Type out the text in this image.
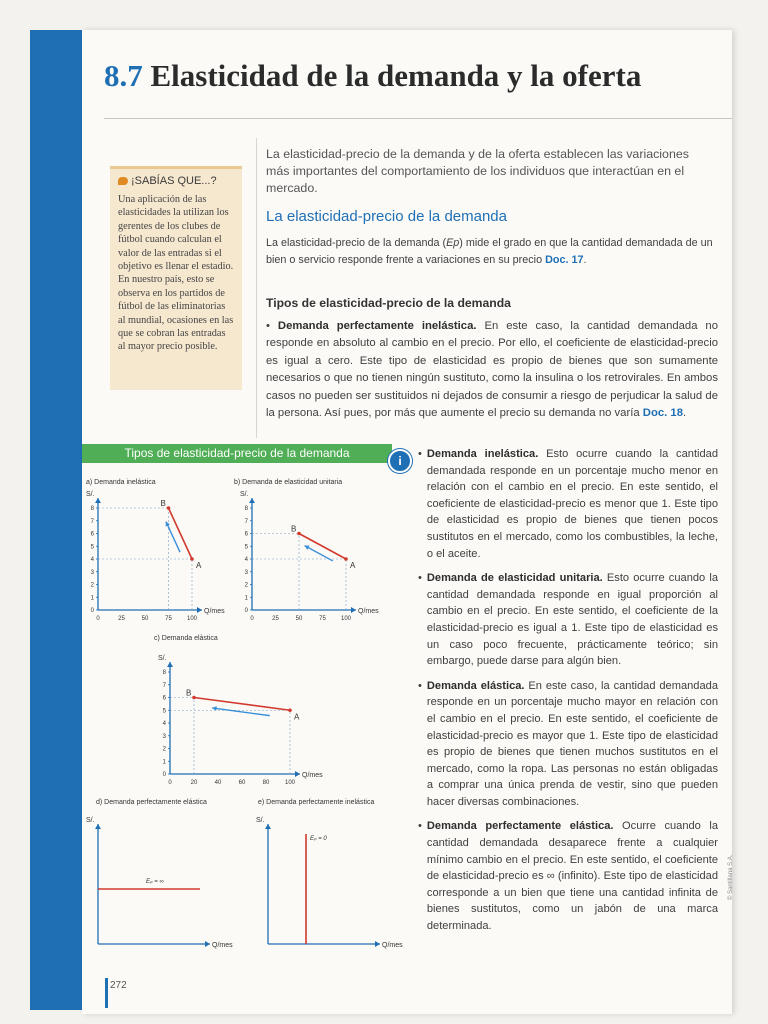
8.7 Elasticidad de la demanda y la oferta
¡SABÍAS QUE...?
Una aplicación de las elasticidades la utilizan los gerentes de los clubes de fútbol cuando calculan el valor de las entradas si el objetivo es llenar el estadio. En nuestro país, esto se observa en los partidos de fútbol de las eliminatorias al mundial, ocasiones en las que se cobran las entradas al mayor precio posible.
La elasticidad-precio de la demanda y de la oferta establecen las variaciones más importantes del comportamiento de los individuos que interactúan en el mercado.
La elasticidad-precio de la demanda
La elasticidad-precio de la demanda (Ep) mide el grado en que la cantidad demandada de un bien o servicio responde frente a variaciones en su precio Doc. 17.
Tipos de elasticidad-precio de la demanda
• Demanda perfectamente inelástica. En este caso, la cantidad demandada no responde en absoluto al cambio en el precio. Por ello, el coeficiente de elasticidad-precio es igual a cero. Este tipo de elasticidad es propio de bienes que son sumamente necesarios o que no tienen ningún sustituto, como la insulina o los retrovirales. En ambos casos no pueden ser sustituidos ni dejados de consumir a riesgo de perjudicar la salud de la persona. Así pues, por más que aumente el precio su demanda no varía Doc. 18.
• Demanda inelástica. Esto ocurre cuando la cantidad demandada responde en un porcentaje mucho menor en relación con el cambio en el precio. En este sentido, el coeficiente de elasticidad-precio es menor que 1. Este tipo de elasticidad es propio de bienes que tienen pocos sustitutos en el mercado, como los combustibles, la leche, o el aceite.
• Demanda de elasticidad unitaria. Esto ocurre cuando la cantidad demandada responde en igual proporción al cambio en el precio. En este sentido, el coeficiente de la elasticidad-precio es igual a 1. Este tipo de elasticidad es un caso poco frecuente, prácticamente teórico; sin embargo, puede darse para algún bien.
• Demanda elástica. En este caso, la cantidad demandada responde en un porcentaje mucho mayor en relación con el cambio en el precio. En este sentido, el coeficiente de elasticidad-precio es mayor que 1. Este tipo de elasticidad es propio de bienes que tienen muchos sustitutos en el mercado, como la ropa. Las personas no están obligadas a comprar una única prenda de vestir, sino que pueden hacer diversas combinaciones.
• Demanda perfectamente elástica. Ocurre cuando la cantidad demandada desaparece frente a cualquier mínimo cambio en el precio. En este sentido, el coeficiente de elasticidad-precio es ∞ (infinito). Este tipo de elasticidad corresponde a un bien que tiene una cantidad infinita de bienes sustitutos, como un jabón de una marca determinada.
Tipos de elasticidad-precio de la demanda
i
a) Demanda inelástica
S/.
Q/mes
0	25	50	75	100
0
1
2
3
4
5
6
7
8
B
A
b) Demanda de elasticidad unitaria
S/.
Q/mes
0	25	50	75	100
0
1
2
3
4
5
6
7
8
B
A
c) Demanda elástica
S/.
Q/mes
0	20	40	60	80	100
0
1
2
3
4
5
6
7
8
B
A
d) Demanda perfectamente elástica
S/.
Q/mes
Eₚ = ∞
e) Demanda perfectamente inelástica
S/.
Q/mes
Eₚ = 0
272
© Santillana S.A.
